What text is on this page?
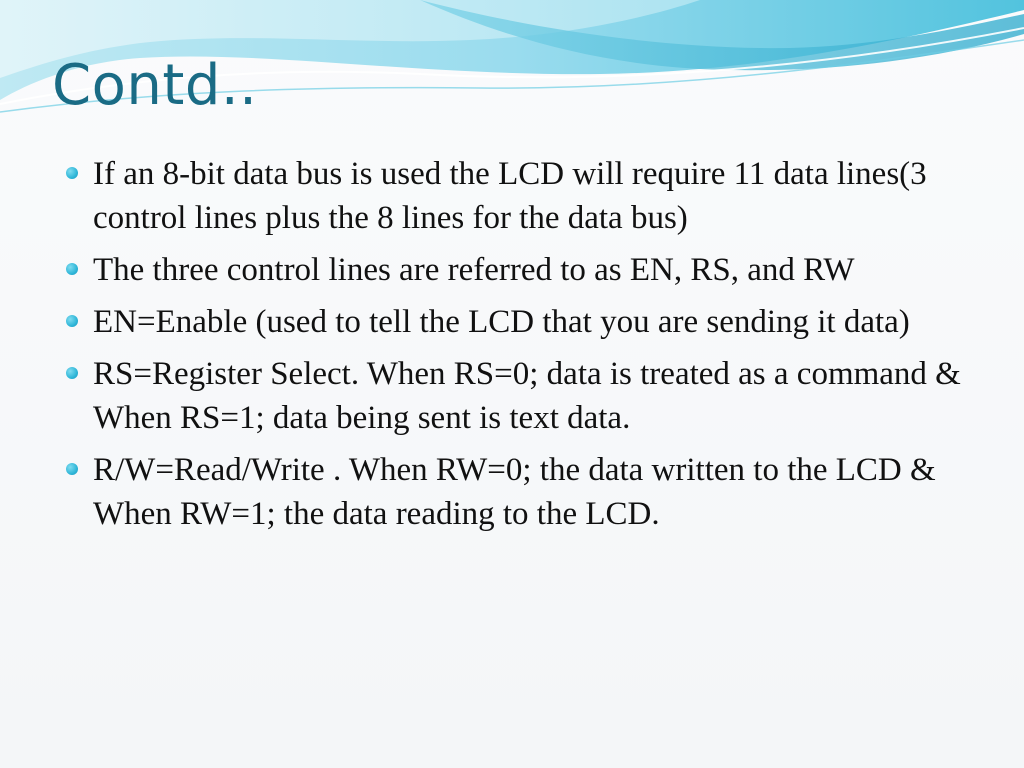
Contd..
If an 8-bit data bus is used the LCD will require 11 data lines(3 control lines plus the 8 lines for the data bus)
The three control lines are referred to as EN, RS, and RW
EN=Enable (used to tell the LCD that you are sending it data)
RS=Register Select. When RS=0; data is treated as a command & When RS=1; data being sent is text data.
R/W=Read/Write . When RW=0; the data written to the LCD & When RW=1; the data reading to the LCD.
